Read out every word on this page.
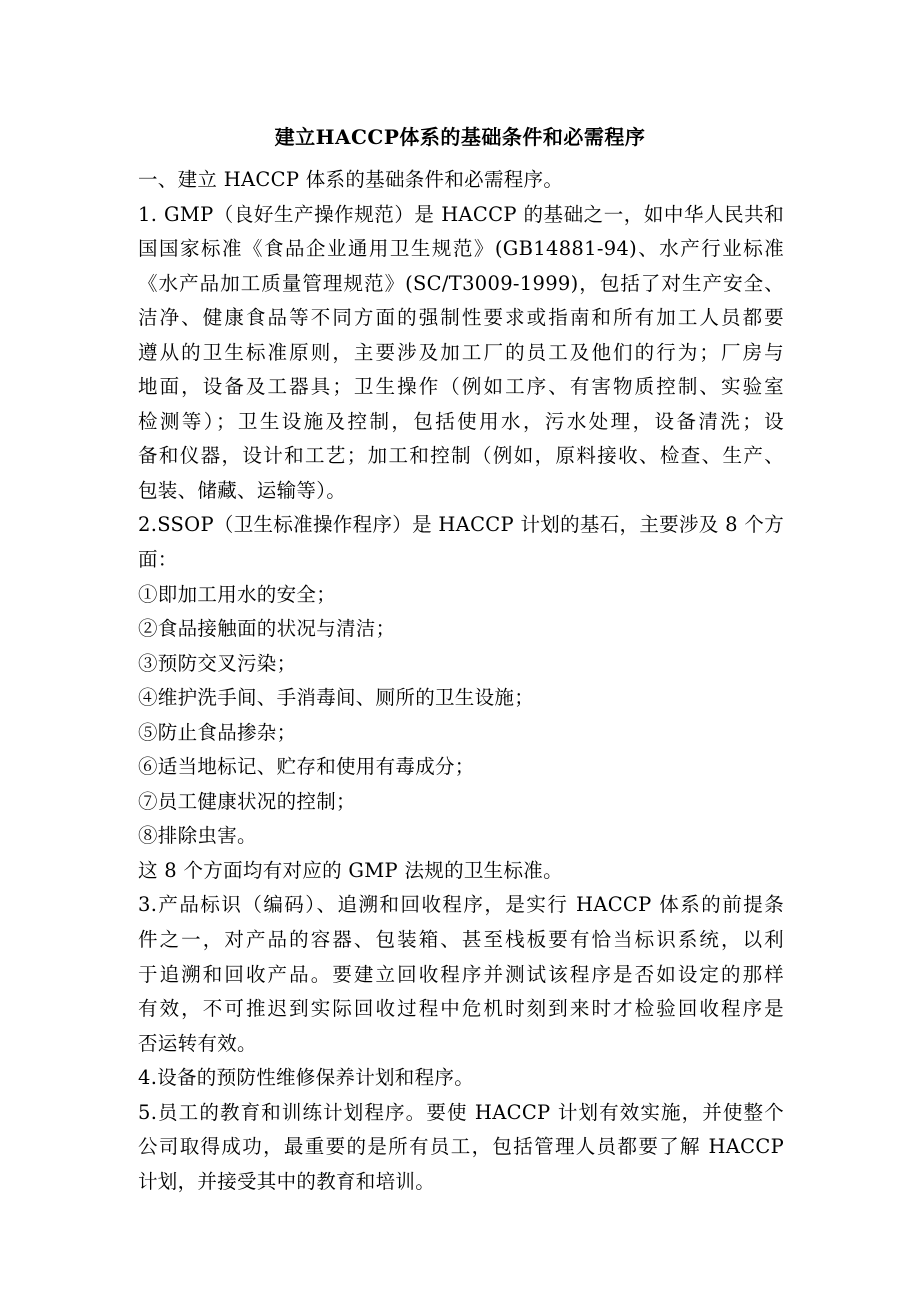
建立HACCP体系的基础条件和必需程序
一、建立 HACCP 体系的基础条件和必需程序。
1. GMP（良好生产操作规范）是 HACCP 的基础之一，如中华人民共和
国国家标准《食品企业通用卫生规范》(GB14881-94)、水产行业标准
《水产品加工质量管理规范》(SC/T3009-1999)，包括了对生产安全、
洁净、健康食品等不同方面的强制性要求或指南和所有加工人员都要
遵从的卫生标准原则，主要涉及加工厂的员工及他们的行为；厂房与
地面，设备及工器具；卫生操作（例如工序、有害物质控制、实验室
检测等）；卫生设施及控制，包括使用水，污水处理，设备清洗；设
备和仪器，设计和工艺；加工和控制（例如，原料接收、检查、生产、
包装、储藏、运输等）。
2.SSOP（卫生标准操作程序）是 HACCP 计划的基石，主要涉及 8 个方
面：
①即加工用水的安全；
②食品接触面的状况与清洁；
③预防交叉污染；
④维护洗手间、手消毒间、厕所的卫生设施；
⑤防止食品掺杂；
⑥适当地标记、贮存和使用有毒成分；
⑦员工健康状况的控制；
⑧排除虫害。
这 8 个方面均有对应的 GMP 法规的卫生标准。
3.产品标识（编码）、追溯和回收程序，是实行 HACCP 体系的前提条
件之一，对产品的容器、包装箱、甚至栈板要有恰当标识系统，以利
于追溯和回收产品。要建立回收程序并测试该程序是否如设定的那样
有效，不可推迟到实际回收过程中危机时刻到来时才检验回收程序是
否运转有效。
4.设备的预防性维修保养计划和程序。
5.员工的教育和训练计划程序。要使 HACCP 计划有效实施，并使整个
公司取得成功，最重要的是所有员工，包括管理人员都要了解 HACCP
计划，并接受其中的教育和培训。
